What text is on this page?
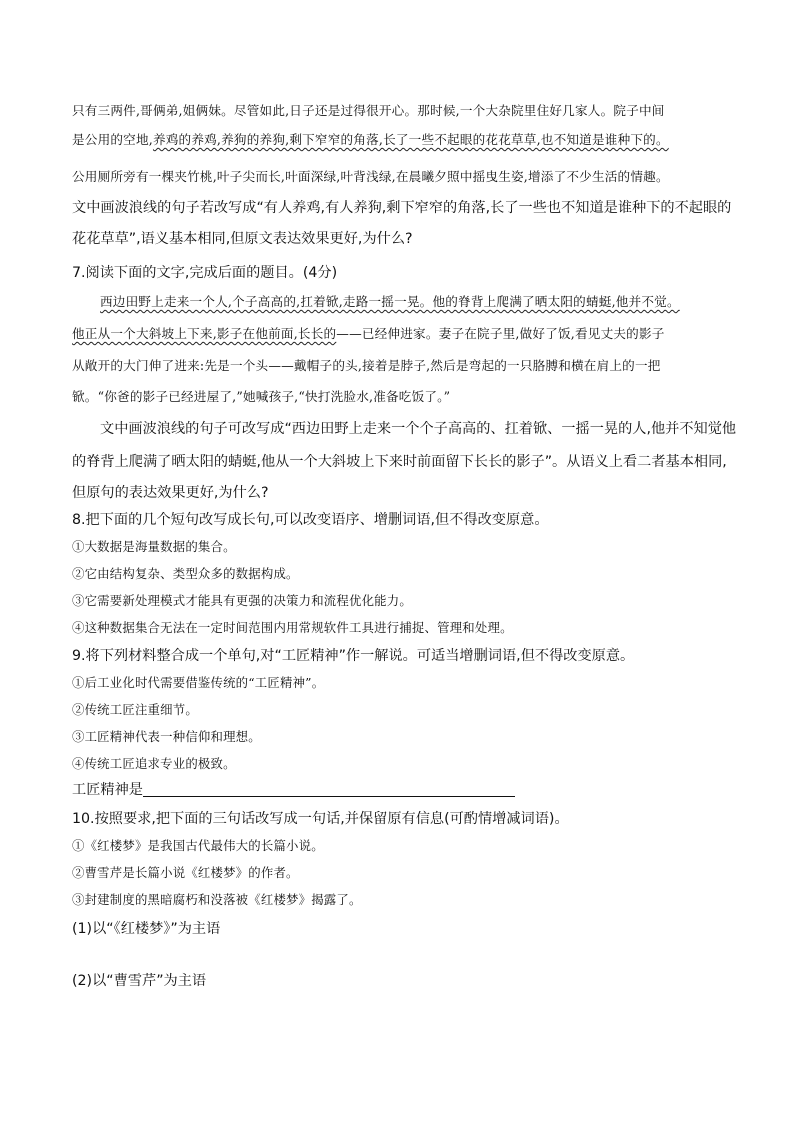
只有三两件,哥俩弟,姐俩妹。尽管如此,日子还是过得很开心。那时候,一个大杂院里住好几家人。院子中间
是公用的空地,养鸡的养鸡,养狗的养狗,剩下窄窄的角落,长了一些不起眼的花花草草,也不知道是谁种下的。
公用厕所旁有一棵夹竹桃,叶子尖而长,叶面深绿,叶背浅绿,在晨曦夕照中摇曳生姿,增添了不少生活的情趣。
文中画波浪线的句子若改写成“有人养鸡,有人养狗,剩下窄窄的角落,长了一些也不知道是谁种下的不起眼的
花花草草”,语义基本相同,但原文表达效果更好,为什么?
7.阅读下面的文字,完成后面的题目。(4分)
西边田野上走来一个人,个子高高的,扛着锨,走路一摇一晃。他的脊背上爬满了晒太阳的蜻蜓,他并不觉。
他正从一个大斜坡上下来,影子在他前面,长长的——已经伸进家。妻子在院子里,做好了饭,看见丈夫的影子
从敞开的大门伸了进来:先是一个头——戴帽子的头,接着是脖子,然后是弯起的一只胳膊和横在肩上的一把
锨。“你爸的影子已经进屋了,”她喊孩子,“快打洗脸水,准备吃饭了。”
文中画波浪线的句子可改写成“西边田野上走来一个个子高高的、扛着锨、一摇一晃的人,他并不知觉他
的脊背上爬满了晒太阳的蜻蜓,他从一个大斜坡上下来时前面留下长长的影子”。从语义上看二者基本相同,
但原句的表达效果更好,为什么?
8.把下面的几个短句改写成长句,可以改变语序、增删词语,但不得改变原意。
①大数据是海量数据的集合。
②它由结构复杂、类型众多的数据构成。
③它需要新处理模式才能具有更强的决策力和流程优化能力。
④这种数据集合无法在一定时间范围内用常规软件工具进行捕捉、管理和处理。
9.将下列材料整合成一个单句,对“工匠精神”作一解说。可适当增删词语,但不得改变原意。
①后工业化时代需要借鉴传统的“工匠精神”。
②传统工匠注重细节。
③工匠精神代表一种信仰和理想。
④传统工匠追求专业的极致。
工匠精神是
10.按照要求,把下面的三句话改写成一句话,并保留原有信息(可酌情增减词语)。
①《红楼梦》是我国古代最伟大的长篇小说。
②曹雪芹是长篇小说《红楼梦》的作者。
③封建制度的黑暗腐朽和没落被《红楼梦》揭露了。
(1)以“《红楼梦》”为主语
(2)以“曹雪芹”为主语
